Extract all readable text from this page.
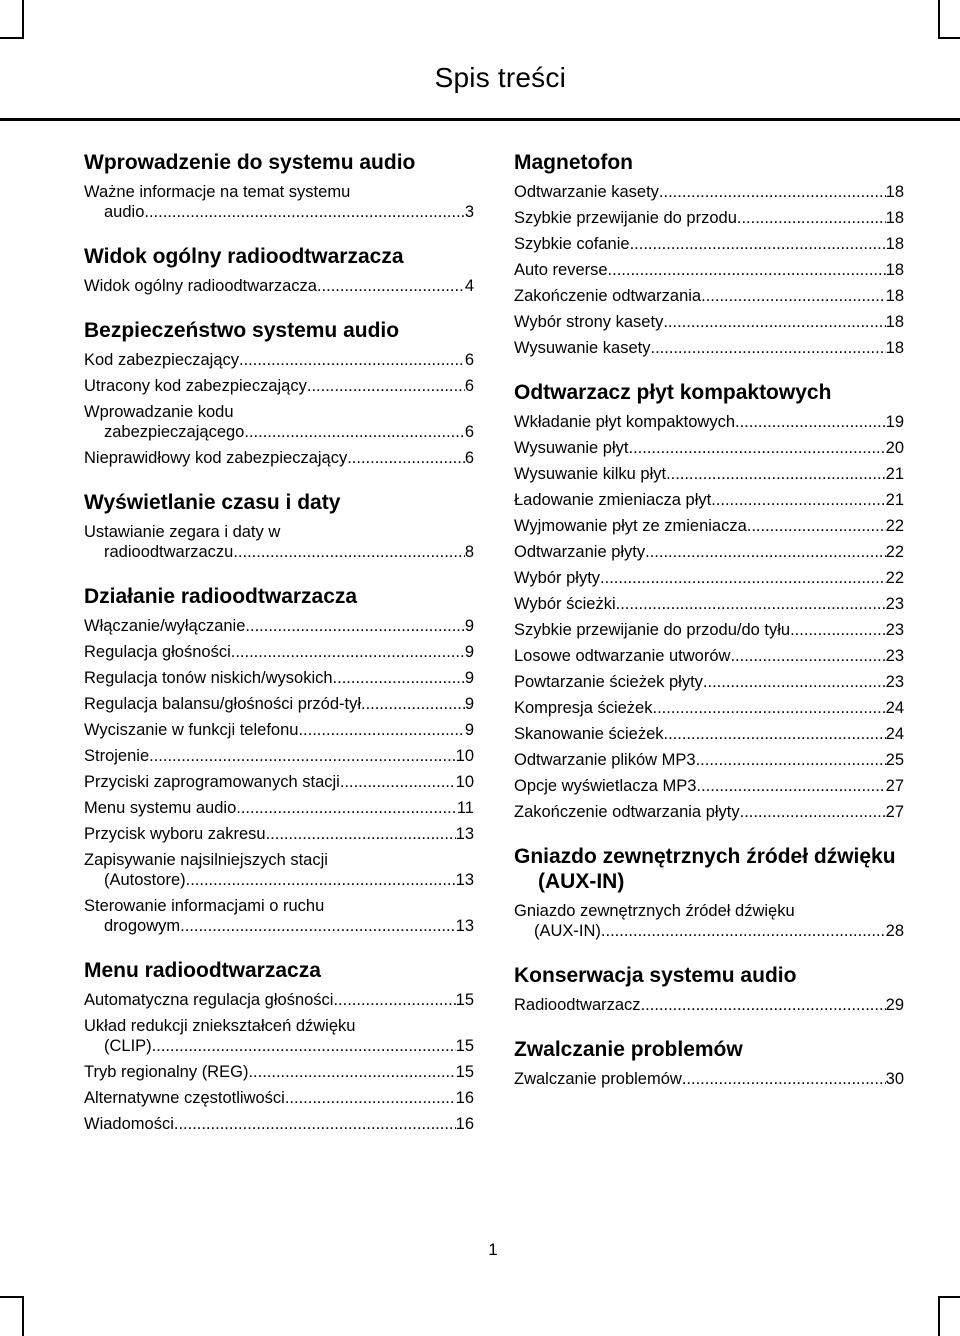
Spis treści
Wprowadzenie do systemu audio
Ważne informacje na temat systemu
audio .....	3
Widok ogólny radioodtwarzacza
Widok ogólny radioodtwarzacza .....	4
Bezpieczeństwo systemu audio
Kod zabezpieczający .....	6
Utracony kod zabezpieczający .....	6
Wprowadzanie kodu
zabezpieczającego .....	6
Nieprawidłowy kod zabezpieczający .....	6
Wyświetlanie czasu i daty
Ustawianie zegara i daty w
radioodtwarzaczu .....	8
Działanie radioodtwarzacza
Włączanie/wyłączanie .....	9
Regulacja głośności .....	9
Regulacja tonów niskich/wysokich .....	9
Regulacja balansu/głośności przód-tył .....	9
Wyciszanie w funkcji telefonu .....	9
Strojenie .....	10
Przyciski zaprogramowanych stacji .....	10
Menu systemu audio .....	11
Przycisk wyboru zakresu .....	13
Zapisywanie najsilniejszych stacji
(Autostore) .....	13
Sterowanie informacjami o ruchu
drogowym .....	13
Menu radioodtwarzacza
Automatyczna regulacja głośności .....	15
Układ redukcji zniekształceń dźwięku
(CLIP) .....	15
Tryb regionalny (REG) .....	15
Alternatywne częstotliwości .....	16
Wiadomości .....	16
Magnetofon
Odtwarzanie kasety .....	18
Szybkie przewijanie do przodu .....	18
Szybkie cofanie .....	18
Auto reverse .....	18
Zakończenie odtwarzania .....	18
Wybór strony kasety .....	18
Wysuwanie kasety .....	18
Odtwarzacz płyt kompaktowych
Wkładanie płyt kompaktowych .....	19
Wysuwanie płyt .....	20
Wysuwanie kilku płyt .....	21
Ładowanie zmieniacza płyt .....	21
Wyjmowanie płyt ze zmieniacza .....	22
Odtwarzanie płyty .....	22
Wybór płyty .....	22
Wybór ścieżki .....	23
Szybkie przewijanie do przodu/do tyłu .....	23
Losowe odtwarzanie utworów .....	23
Powtarzanie ścieżek płyty .....	23
Kompresja ścieżek .....	24
Skanowanie ścieżek .....	24
Odtwarzanie plików MP3 .....	25
Opcje wyświetlacza MP3 .....	27
Zakończenie odtwarzania płyty .....	27
Gniazdo zewnętrznych źródeł dźwięku (AUX-IN)
Gniazdo zewnętrznych źródeł dźwięku
(AUX-IN) .....	28
Konserwacja systemu audio
Radioodtwarzacz .....	29
Zwalczanie problemów
Zwalczanie problemów .....	30
1
